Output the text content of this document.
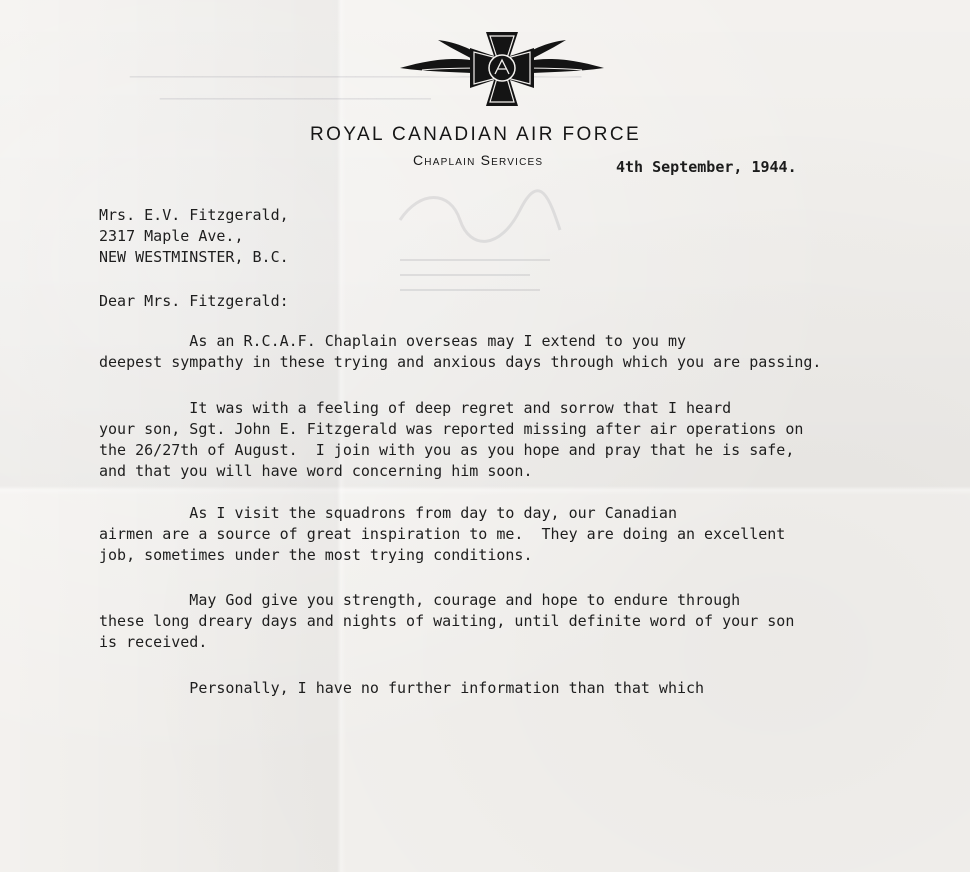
──────────────────────────────────────────────────
──────────────────────────────
ROYAL CANADIAN AIR FORCE
Chaplain Services	4th September, 1944.
Mrs. E.V. Fitzgerald,
2317 Maple Ave.,
NEW WESTMINSTER, B.C.
Dear Mrs. Fitzgerald:
As an R.C.A.F. Chaplain overseas may I extend to you my
deepest sympathy in these trying and anxious days through which you are passing.
It was with a feeling of deep regret and sorrow that I heard
your son, Sgt. John E. Fitzgerald was reported missing after air operations on
the 26/27th of August.  I join with you as you hope and pray that he is safe,
and that you will have word concerning him soon.
As I visit the squadrons from day to day, our Canadian
airmen are a source of great inspiration to me.  They are doing an excellent
job, sometimes under the most trying conditions.
May God give you strength, courage and hope to endure through
these long dreary days and nights of waiting, until definite word of your son
is received.
Personally, I have no further information than that which
